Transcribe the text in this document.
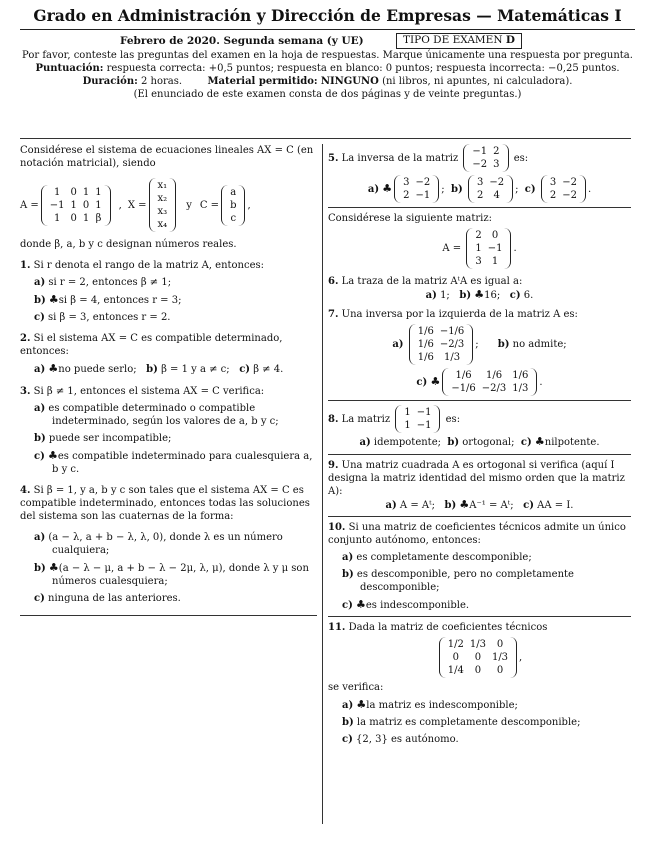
Grado en Administración y Dirección de Empresas — Matemáticas I
Febrero de 2020. Segunda semana (y UE)	TIPO DE EXAMEN D
Por favor, conteste las preguntas del examen en la hoja de respuestas. Marque únicamente una respuesta por pregunta.
Puntuación: respuesta correcta: +0,5 puntos; respuesta en blanco: 0 puntos; respuesta incorrecta: −0,25 puntos.
Duración: 2 horas.	Material permitido: NINGUNO (ni libros, ni apuntes, ni calculadora).
(El enunciado de este examen consta de dos páginas y de veinte preguntas.)

Considérese el sistema de ecuaciones lineales AX = C (en notación matricial), siendo

A =
1	0	1	1
−1	1	0	1
1	0	1	β
, X =
x₁
x₂
x₃
x₄
y C =
a
b
c
,

donde β, a, b y c designan números reales.

1. Si r denota el rango de la matriz A, entonces:

a) si r = 2, entonces β ≠ 1;

b) ♣si β = 4, entonces r = 3;

c) si β = 3, entonces r = 2.

2. Si el sistema AX = C es compatible determinado, entonces:

a) ♣no puede serlo; b) β = 1 y a ≠ c; c) β ≠ 4.

3. Si β ≠ 1, entonces el sistema AX = C verifica:

a) es compatible determinado o compatible indeterminado, según los valores de a, b y c;

b) puede ser incompatible;

c) ♣es compatible indeterminado para cualesquiera a, b y c.

4. Si β = 1, y a, b y c son tales que el sistema AX = C es compatible indeterminado, entonces todas las soluciones del sistema son las cuaternas de la forma:

a) (a − λ, a + b − λ, λ, 0), donde λ es un número cualquiera;

b) ♣(a − λ − μ, a + b − λ − 2μ, λ, μ), donde λ y μ son números cualesquiera;

c) ninguna de las anteriores.

5.
La inversa de la matriz

−1	2
−2	3

es:

a)
♣ 3	−2
2	−1
;
b)

3	−2
2	4
;
c)

3	−2
2	−2
.

Considérese la siguiente matriz:

A =

2	0
1	−1
3	1
.

6. La traza de la matriz AᵗA es igual a:

a) 1; b) ♣16; c) 6.

7. Una inversa por la izquierda de la matriz A es:

a)

1/6	−1/6
1/6	−2/3
1/6	1/3
;
b) no admite;

c)
♣ 1/6	1/6	1/6
−1/6	−2/3	1/3
.

8.
La matriz

1	−1
1	−1

es:

a) idempotente; b) ortogonal; c) ♣nilpotente.

9. Una matriz cuadrada A es ortogonal si verifica (aquí I designa la matriz identidad del mismo orden que la matriz A):

a) A = Aᵗ; b) ♣A⁻¹ = Aᵗ; c) AA = I.

10. Si una matriz de coeficientes técnicos admite un único conjunto autónomo, entonces:

a) es completamente descomponible;

b) es descomponible, pero no completamente descomponible;

c) ♣es indescomponible.

11. Dada la matriz de coeficientes técnicos

1/2	1/3	0
0	0	1/3
1/4	0	0
,

se verifica:

a) ♣la matriz es indescomponible;

b) la matriz es completamente descomponible;

c) {2, 3} es autónomo.
